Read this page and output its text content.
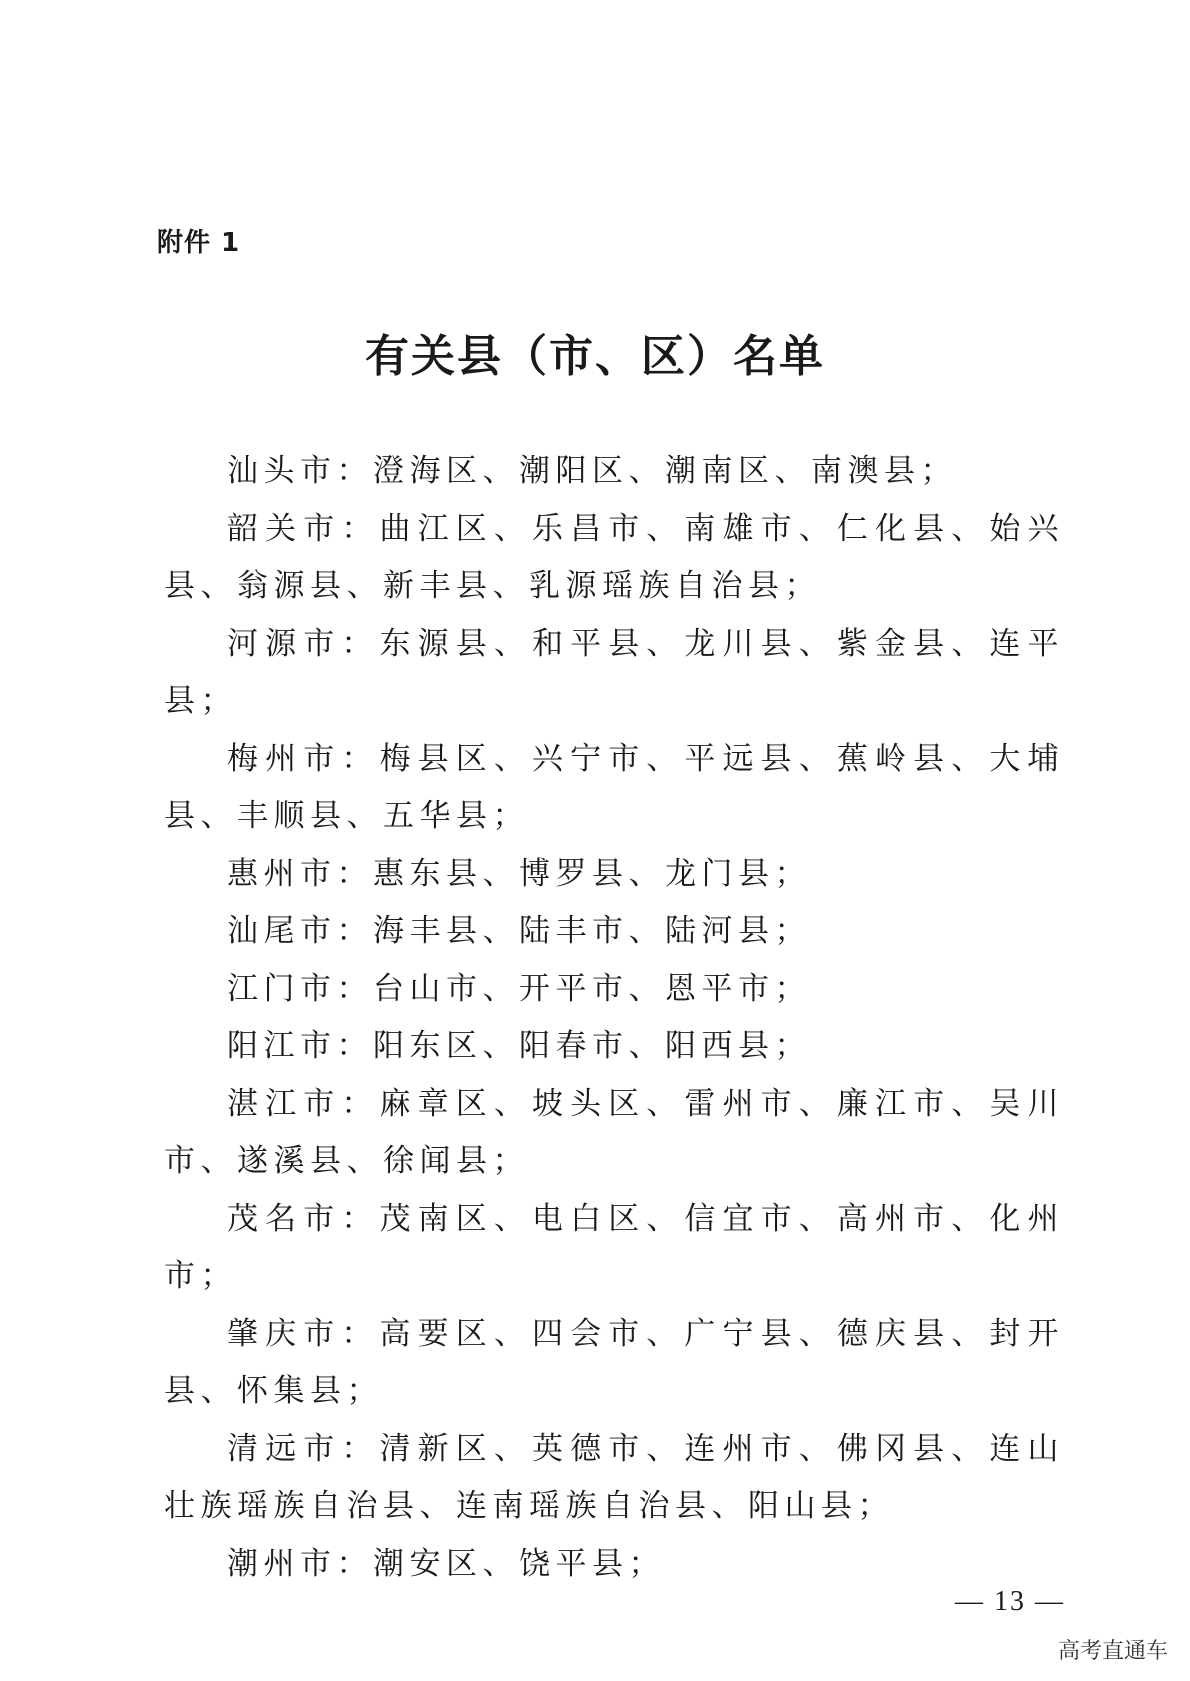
附件 1
有关县（市、区）名单

汕头市：澄海区、潮阳区、潮南区、南澳县；

韶关市：曲江区、乐昌市、南雄市、仁化县、始兴县、翁源县、新丰县、乳源瑶族自治县；

河源市：东源县、和平县、龙川县、紫金县、连平县；

梅州市：梅县区、兴宁市、平远县、蕉岭县、大埔县、丰顺县、五华县；

惠州市：惠东县、博罗县、龙门县；

汕尾市：海丰县、陆丰市、陆河县；

江门市：台山市、开平市、恩平市；

阳江市：阳东区、阳春市、阳西县；

湛江市：麻章区、坡头区、雷州市、廉江市、吴川市、遂溪县、徐闻县；

茂名市：茂南区、电白区、信宜市、高州市、化州市；

肇庆市：高要区、四会市、广宁县、德庆县、封开县、怀集县；

清远市：清新区、英德市、连州市、佛冈县、连山壮族瑶族自治县、连南瑶族自治县、阳山县；

潮州市：潮安区、饶平县；

— 13 —
高考直通车
